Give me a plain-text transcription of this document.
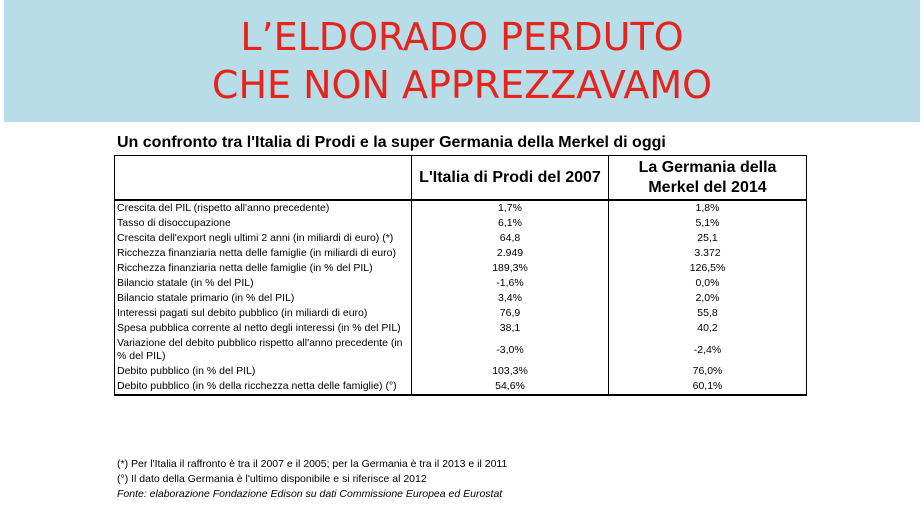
L’ELDORADO PERDUTO
CHE NON APPREZZAVAMO
Un confronto tra l'Italia di Prodi e la super Germania della Merkel di oggi
	L'Italia di Prodi del 2007	La Germania della Merkel del 2014
Crescita del PIL (rispetto all'anno precedente)	1,7%	1,8%
Tasso di disoccupazione	6,1%	5,1%
Crescita dell'export negli ultimi 2 anni (in miliardi di euro) (*)	64,8	25,1
Ricchezza finanziaria netta delle famiglie (in miliardi di euro)	2.949	3.372
Ricchezza finanziaria netta delle famiglie (in % del PIL)	189,3%	126,5%
Bilancio statale (in % del PIL)	-1,6%	0,0%
Bilancio statale primario (in % del PIL)	3,4%	2,0%
Interessi pagati sul debito pubblico (in miliardi di euro)	76,9	55,8
Spesa pubblica corrente al netto degli interessi (in % del PIL)	38,1	40,2
Variazione del debito pubblico rispetto all'anno precedente (in % del PIL)	-3,0%	-2,4%
Debito pubblico (in % del PIL)	103,3%	76,0%
Debito pubblico (in % della ricchezza netta delle famiglie) (°)	54,6%	60,1%
(*) Per l'Italia il raffronto è tra il 2007 e il 2005; per la Germania è tra il 2013 e il 2011
(°) Il dato della Germania è l'ultimo disponibile e si riferisce al 2012
Fonte: elaborazione Fondazione Edison su dati Commissione Europea ed Eurostat
